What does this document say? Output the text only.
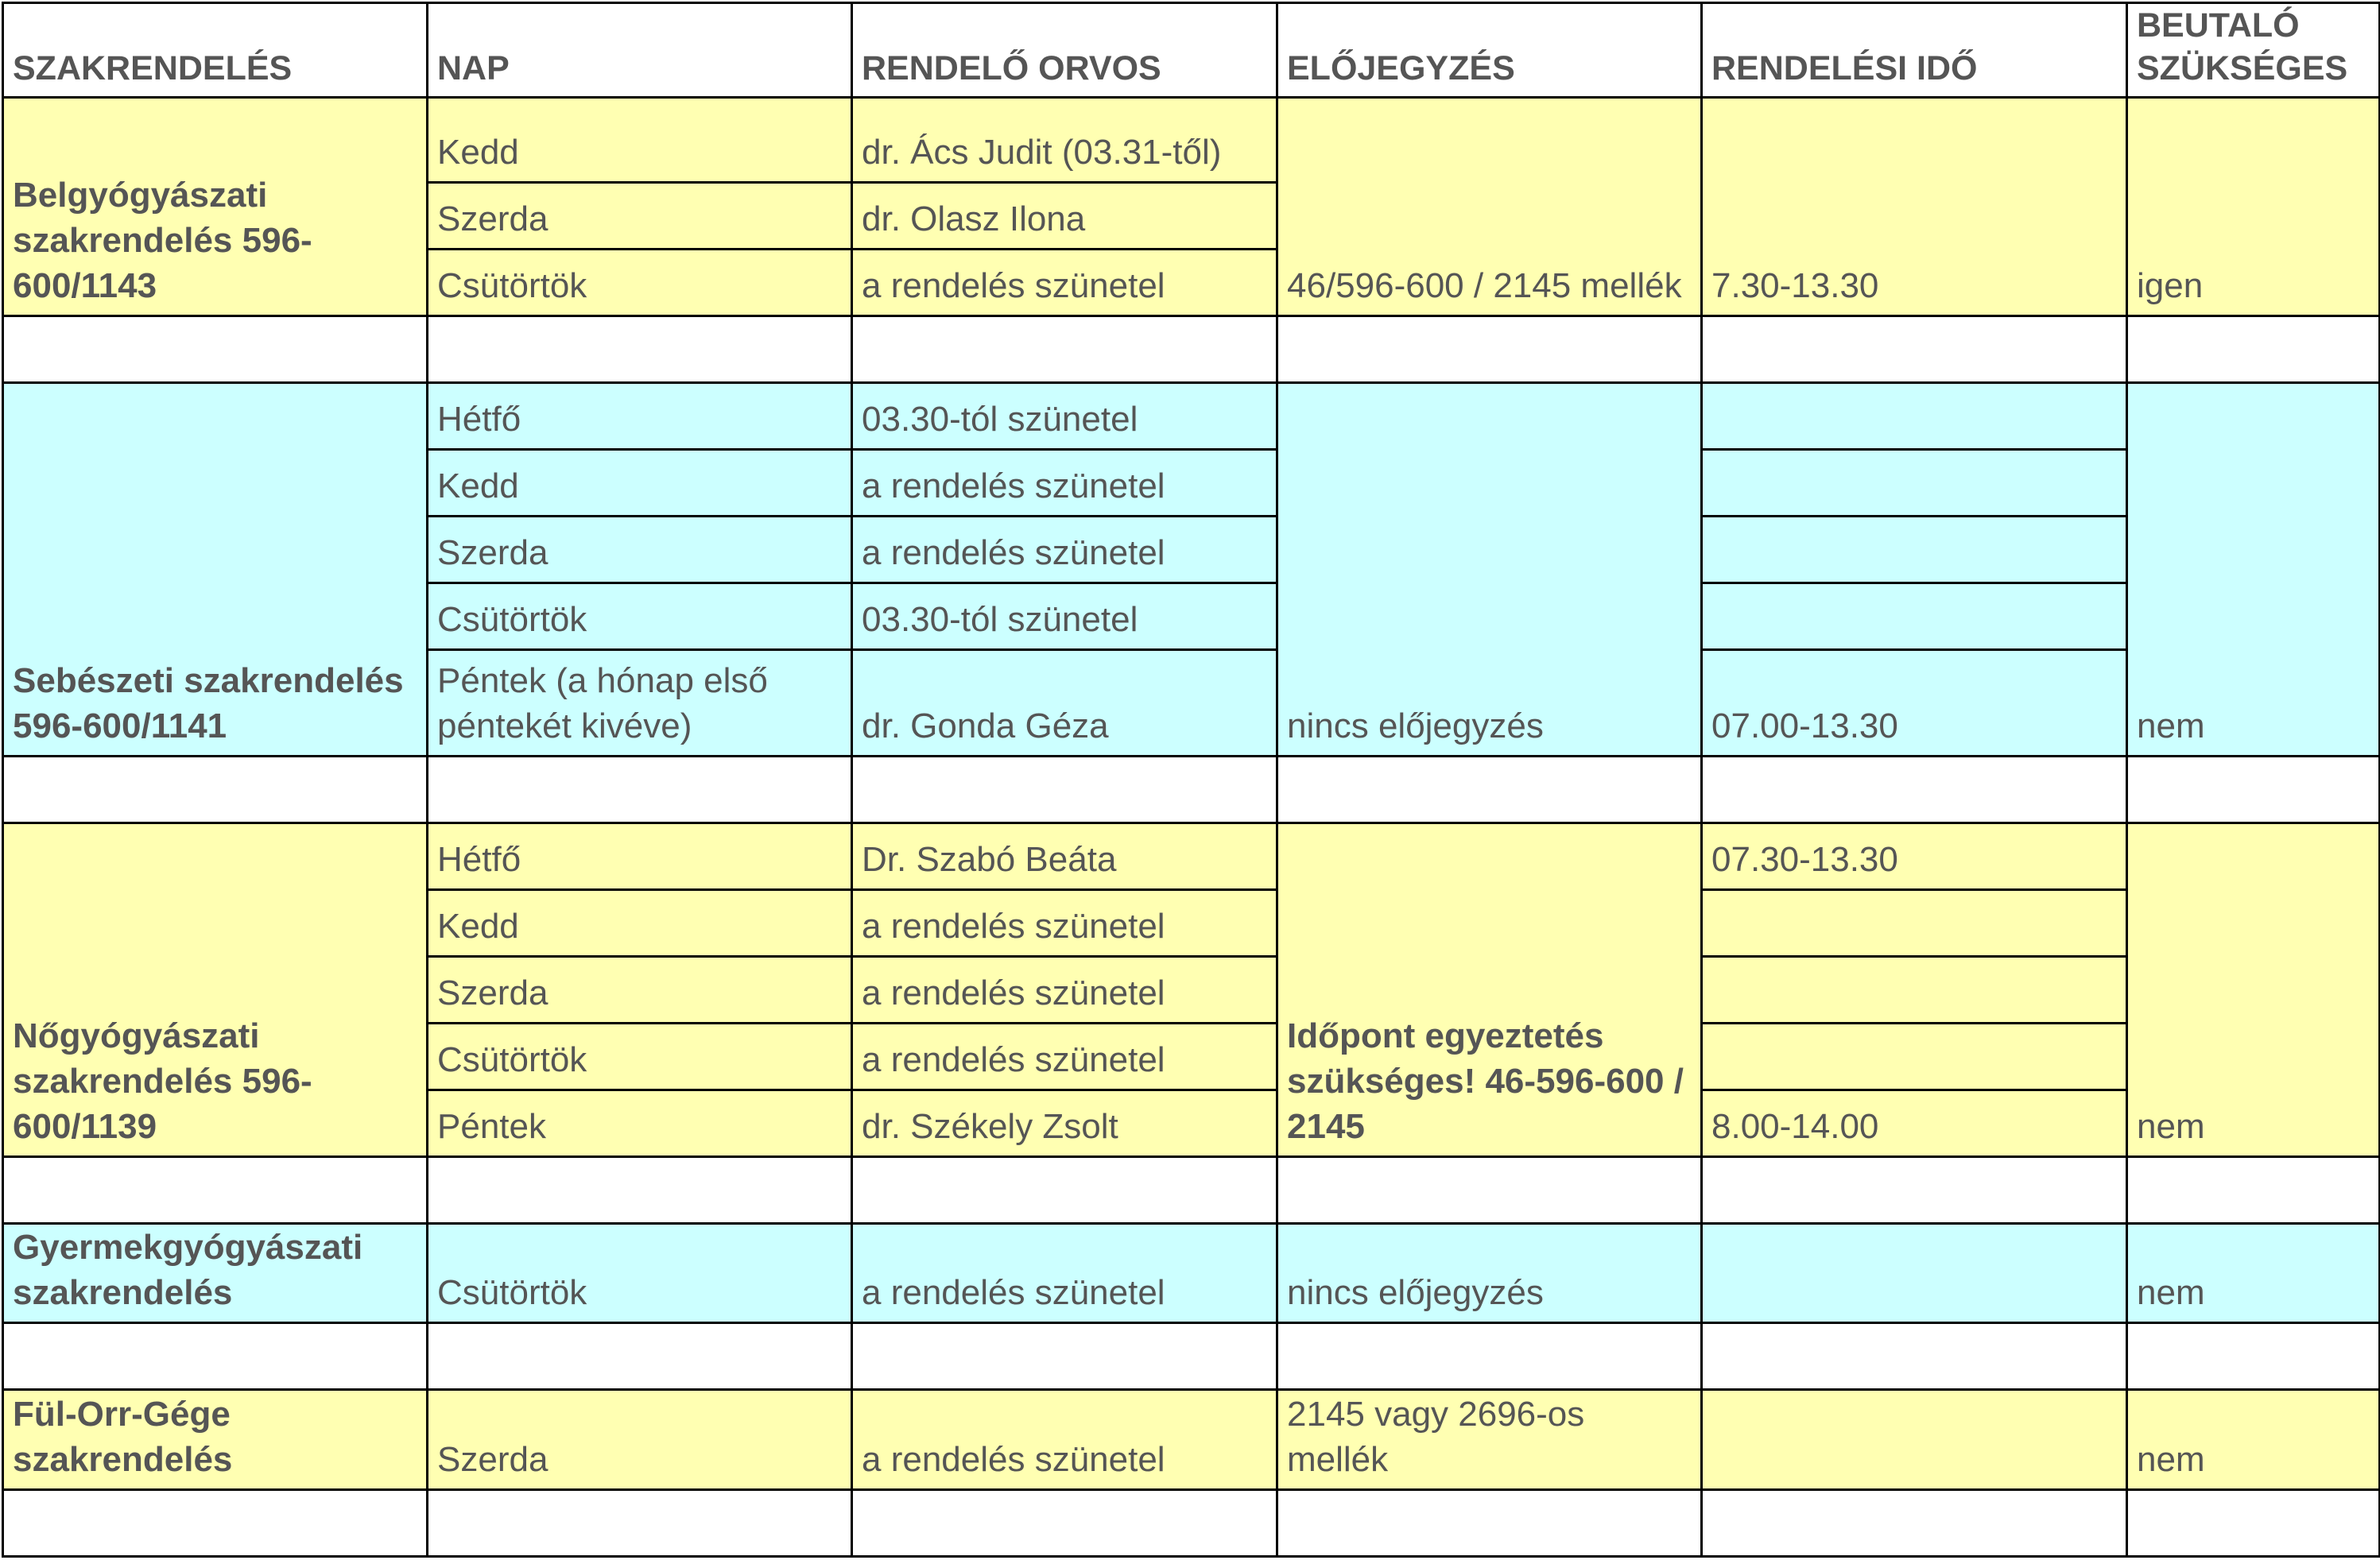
SZAKRENDELÉS	NAP	RENDELŐ ORVOS	ELŐJEGYZÉS	RENDELÉSI IDŐ	BEUTALÓ SZÜKSÉGES
Belgyógyászati szakrendelés 596-600/1143	Kedd	dr. Ács Judit (03.31-től)	46/596-600 / 2145 mellék	7.30-13.30	igen
	Szerda	dr. Olasz Ilona			
	Csütörtök	a rendelés szünetel			

Sebészeti szakrendelés 596-600/1141	Hétfő	03.30-tól szünetel	nincs előjegyzés		nem
	Kedd	a rendelés szünetel			
	Szerda	a rendelés szünetel			
	Csütörtök	03.30-tól szünetel			
	Péntek (a hónap első péntekét kivéve)	dr. Gonda Géza		07.00-13.30	

Nőgyógyászati szakrendelés 596-600/1139	Hétfő	Dr. Szabó Beáta	Időpont egyeztetés szükséges! 46-596-600 / 2145	07.30-13.30	nem
	Kedd	a rendelés szünetel			
	Szerda	a rendelés szünetel			
	Csütörtök	a rendelés szünetel			
	Péntek	dr. Székely Zsolt		8.00-14.00	

Gyermekgyógyászati szakrendelés	Csütörtök	a rendelés szünetel	nincs előjegyzés		nem

Fül-Orr-Gége szakrendelés	Szerda	a rendelés szünetel	2145 vagy 2696-os mellék		nem
